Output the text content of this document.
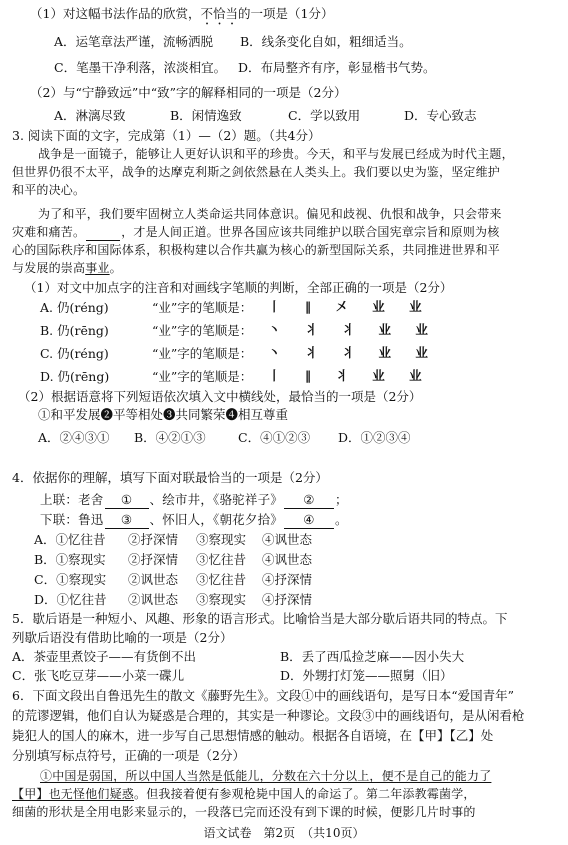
（1）对这幅书法作品的欣赏，不恰当的一项是（1分）
A．运笔章法严谨，流畅洒脱 B．线条变化自如，粗细适当。
C．笔墨干净利落，浓淡相宜。 D．布局整齐有序，彰显楷书气势。
（2）与“宁静致远”中“致”字的解释相同的一项是（2分）
A．淋漓尽致	B．闲情逸致	C．学以致用	D．专心致志
3. 阅读下面的文字，完成第（1）—（2）题。（共4分）
战争是一面镜子，能够让人更好认识和平的珍贵。今天，和平与发展已经成为时代主题，
但世界仍很不太平，战争的达摩克利斯之剑依然悬在人类头上。我们要以史为鉴，坚定维护
和平的决心。
为了和平，我们要牢固树立人类命运共同体意识。偏见和歧视、仇恨和战争，只会带来
灾难和痛苦。	，才是人间正道。世界各国应该共同维护以联合国宪章宗旨和原则为核
心的国际秩序和国际体系，积极构建以合作共赢为核心的新型国际关系，共同推进世界和平
与发展的崇高事业。
（1）对文中加点字的注音和对画线字笔顺的判断，全部正确的一项是（2分）
A. 仍(réng)	“业”字的笔顺是： 丨 ‖ 㐅 业 业
B. 仍(rēng)	“业”字的笔顺是： 丶 丬 丬 业 业
C. 仍(réng)	“业”字的笔顺是： 丶 丬 丬 业 业
D. 仍(rēng)	“业”字的笔顺是： 丨 ‖ 丬 业 业
（2）根据语意将下列短语依次填入文中横线处，最恰当的一项是（2分）
①和平发展❷平等相处❸共同繁荣❹相互尊重
A．②④③① B．④②①③	C．④①②③ D．①②③④
4．依据你的理解，填写下面对联最恰当的一项是（2分）
上联：老舍 ① 、绘市井，《骆驼祥子》 ② ；
下联：鲁迅 ③ 、怀旧人，《朝花夕拾》 ④ 。
A．①忆往昔 ②抒深情 ③察现实 ④讽世态
B．①察现实 ②抒深情 ③忆往昔 ④讽世态
C．①察现实 ②讽世态 ③忆往昔 ④抒深情
D．①忆往昔 ②讽世态 ③察现实 ④抒深情
5．歇后语是一种短小、风趣、形象的语言形式。比喻恰当是大部分歇后语共同的特点。下
列歇后语没有借助比喻的一项是（2分）
A．茶壶里煮饺子——有货倒不出	B．丢了西瓜捡芝麻——因小失大
C．张飞吃豆芽——小菜一碟儿	D．外甥打灯笼——照舅（旧）
6．下面文段出自鲁迅先生的散文《藤野先生》。文段①中的画线语句，是写日本“爱国青年”
的荒谬逻辑，他们自认为疑惑是合理的，其实是一种谬论。文段③中的画线语句，是从闲看枪
毙犯人的国人的麻木，进一步写自己思想情感的触动。根据各自语境，在【甲】【乙】处
分别填写标点符号，正确的一项是（2分）
①中国是弱国，所以中国人当然是低能儿，分数在六十分以上，便不是自己的能力了
【甲】也无怪他们疑惑。但我接着便有参观枪毙中国人的命运了。第二年添教霉菌学，
细菌的形状是全用电影来显示的，一段落已完而还没有到下课的时候，便影几片时事的
语文试卷　第2页　（共10页）
